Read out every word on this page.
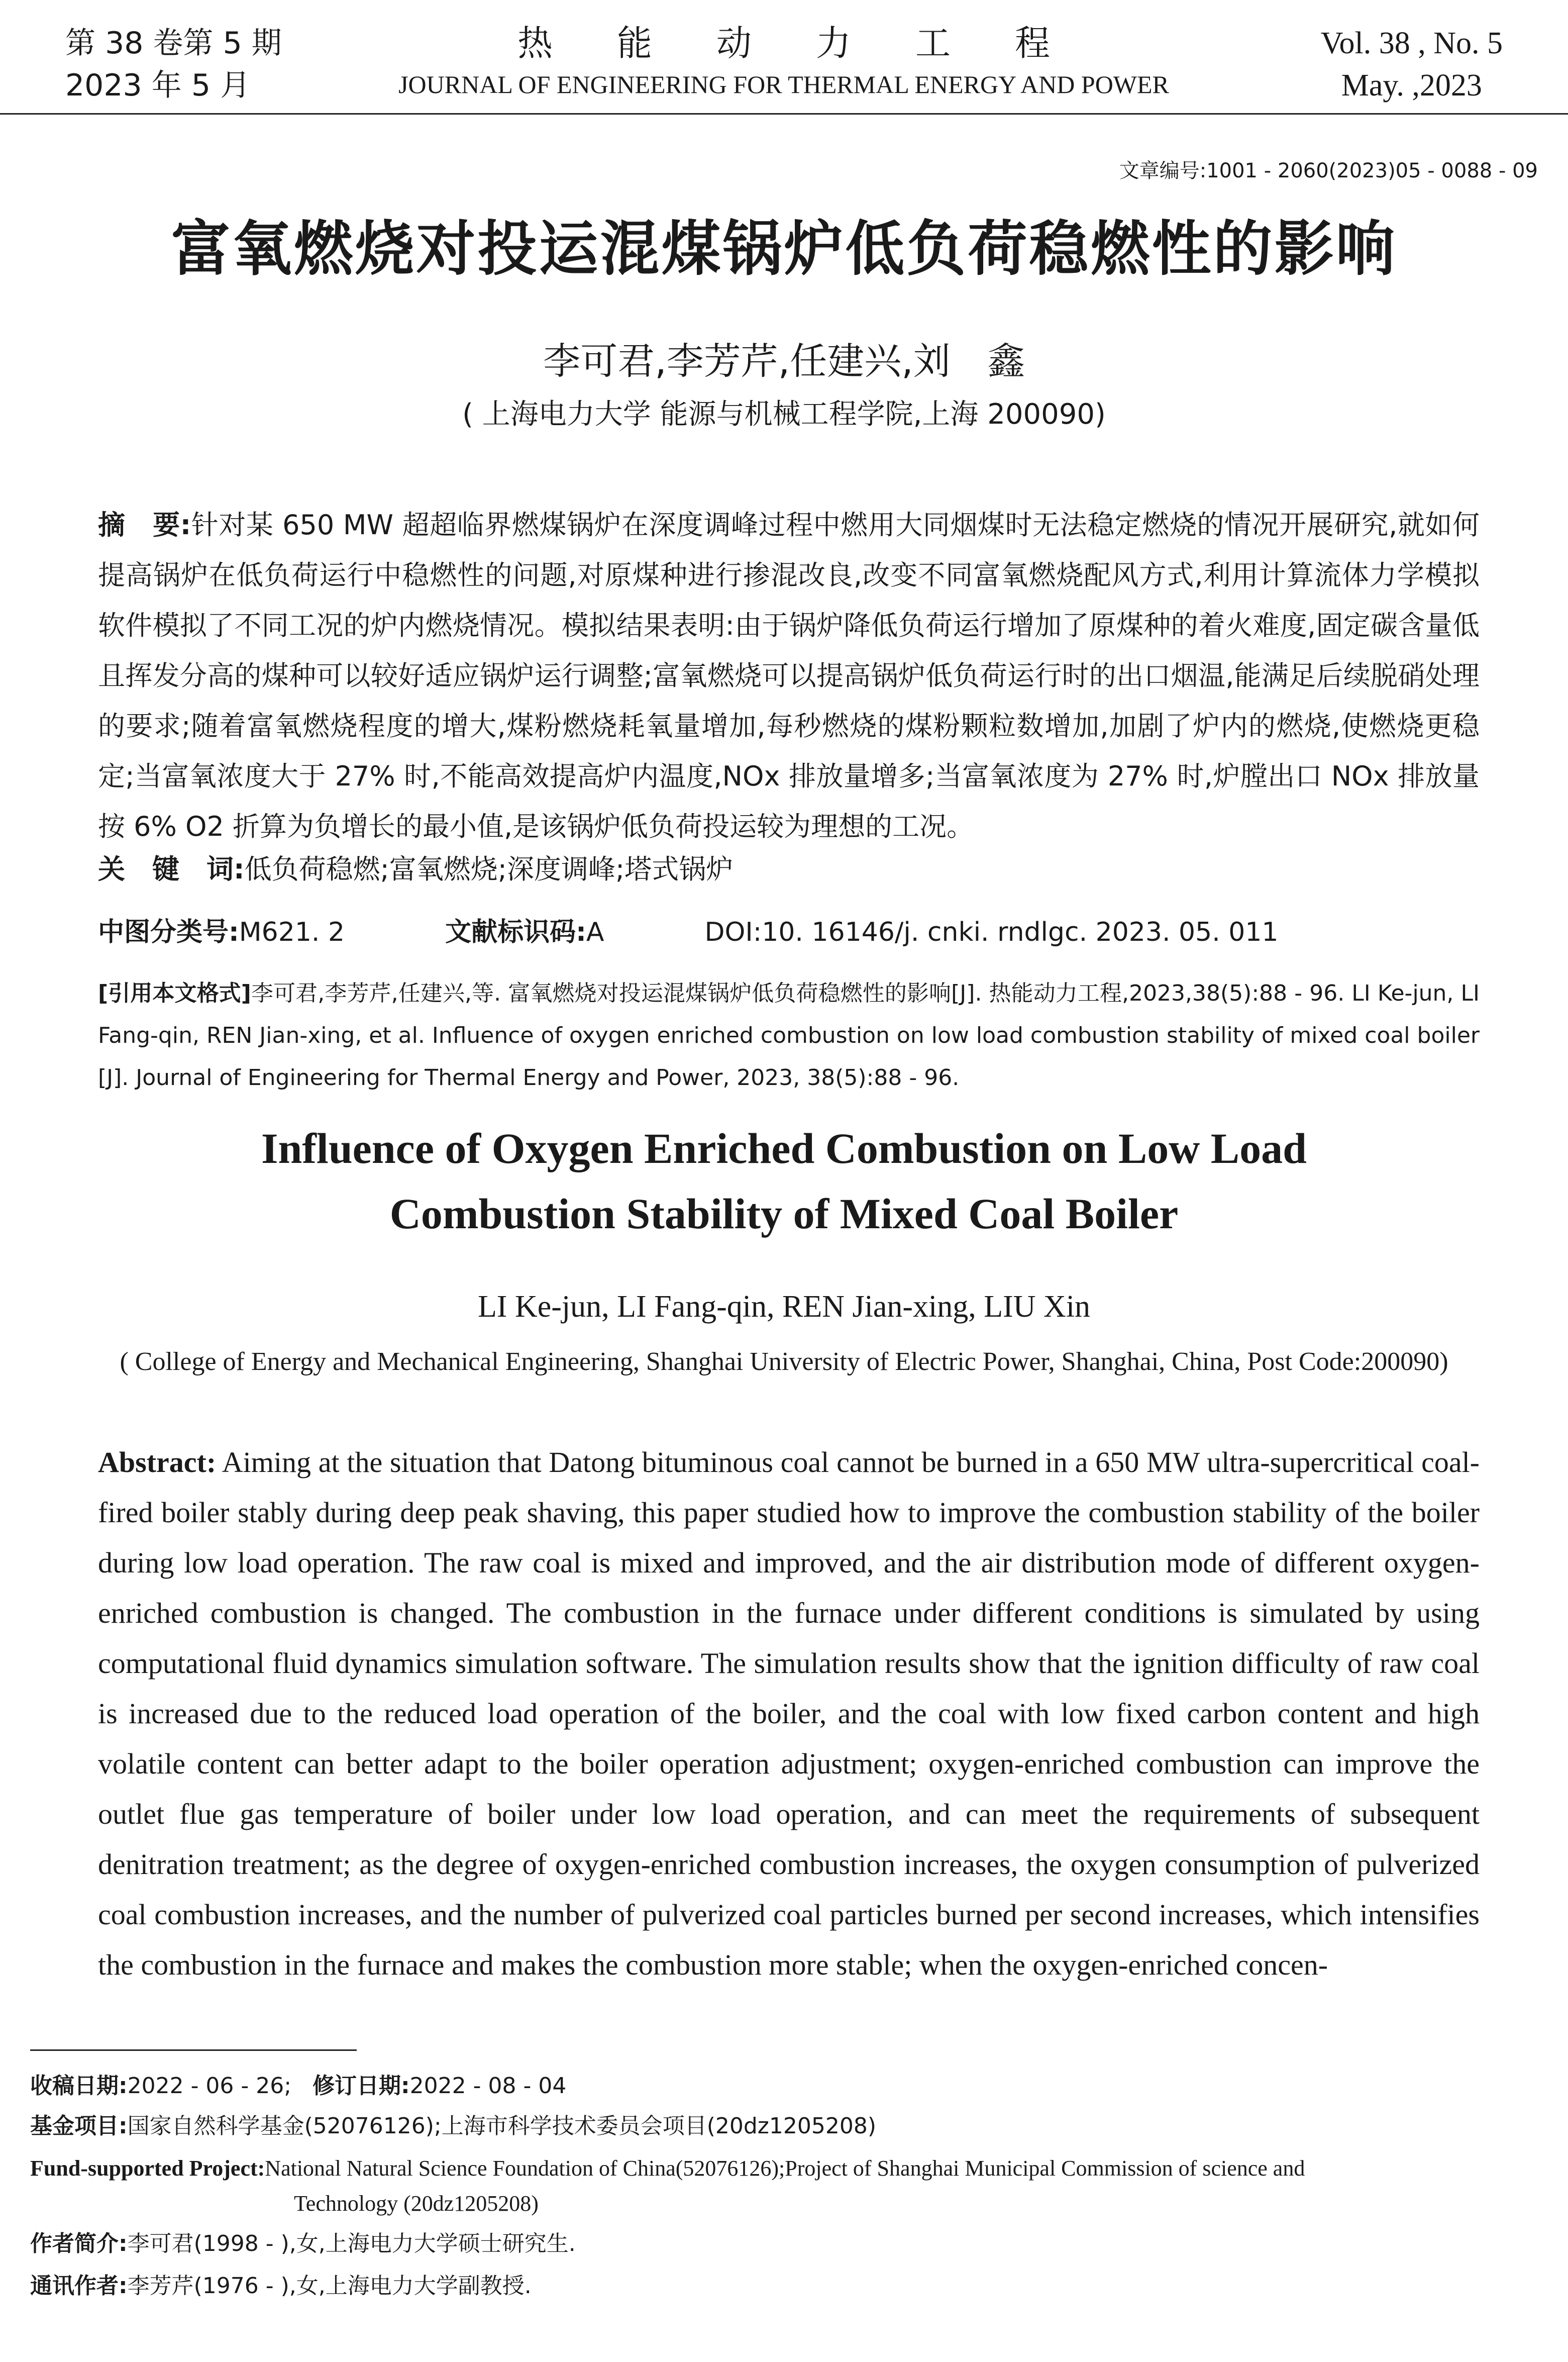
第 38 卷第 5 期
2023 年 5 月
热能动力工程
JOURNAL OF ENGINEERING FOR THERMAL ENERGY AND POWER
Vol. 38 , No. 5
May. ,2023
文章编号:1001 - 2060(2023)05 - 0088 - 09
富氧燃烧对投运混煤锅炉低负荷稳燃性的影响
李可君,李芳芹,任建兴,刘　鑫
( 上海电力大学 能源与机械工程学院,上海 200090)
摘　要:针对某 650 MW 超超临界燃煤锅炉在深度调峰过程中燃用大同烟煤时无法稳定燃烧的情况开展研究,就如何提高锅炉在低负荷运行中稳燃性的问题,对原煤种进行掺混改良,改变不同富氧燃烧配风方式,利用计算流体力学模拟软件模拟了不同工况的炉内燃烧情况。模拟结果表明:由于锅炉降低负荷运行增加了原煤种的着火难度,固定碳含量低且挥发分高的煤种可以较好适应锅炉运行调整;富氧燃烧可以提高锅炉低负荷运行时的出口烟温,能满足后续脱硝处理的要求;随着富氧燃烧程度的增大,煤粉燃烧耗氧量增加,每秒燃烧的煤粉颗粒数增加,加剧了炉内的燃烧,使燃烧更稳定;当富氧浓度大于 27% 时,不能高效提高炉内温度,NOx 排放量增多;当富氧浓度为 27% 时,炉膛出口 NOx 排放量按 6% O2 折算为负增长的最小值,是该锅炉低负荷投运较为理想的工况。
关　键　词:低负荷稳燃;富氧燃烧;深度调峰;塔式锅炉
中图分类号:M621. 2	文献标识码:A	DOI:10. 16146/j. cnki. rndlgc. 2023. 05. 011
[引用本文格式]李可君,李芳芹,任建兴,等. 富氧燃烧对投运混煤锅炉低负荷稳燃性的影响[J]. 热能动力工程,2023,38(5):88 - 96. LI Ke-jun, LI Fang-qin, REN Jian-xing, et al. Influence of oxygen enriched combustion on low load combustion stability of mixed coal boiler [J]. Journal of Engineering for Thermal Energy and Power, 2023, 38(5):88 - 96.
Influence of Oxygen Enriched Combustion on Low Load
Combustion Stability of Mixed Coal Boiler
LI Ke-jun, LI Fang-qin, REN Jian-xing, LIU Xin
( College of Energy and Mechanical Engineering, Shanghai University of Electric Power, Shanghai, China, Post Code:200090)
Abstract: Aiming at the situation that Datong bituminous coal cannot be burned in a 650 MW ultra-supercritical coal-fired boiler stably during deep peak shaving, this paper studied how to improve the combustion stability of the boiler during low load operation. The raw coal is mixed and improved, and the air distribution mode of different oxygen-enriched combustion is changed. The combustion in the furnace under different conditions is simulated by using computational fluid dynamics simulation software. The simulation results show that the ignition difficulty of raw coal is increased due to the reduced load operation of the boiler, and the coal with low fixed carbon content and high volatile content can better adapt to the boiler operation adjustment; oxygen-enriched combustion can improve the outlet flue gas temperature of boiler under low load operation, and can meet the requirements of subsequent denitration treatment; as the degree of oxygen-enriched combustion increases, the oxygen consumption of pulverized coal combustion increases, and the number of pulverized coal particles burned per second increases, which intensifies the combustion in the furnace and makes the combustion more stable; when the oxygen-enriched concen-
收稿日期:2022 - 06 - 26; 修订日期:2022 - 08 - 04
基金项目:国家自然科学基金(52076126);上海市科学技术委员会项目(20dz1205208)
Fund-supported Project:National Natural Science Foundation of China(52076126);Project of Shanghai Municipal Commission of science and
Technology (20dz1205208)
作者简介:李可君(1998 - ),女,上海电力大学硕士研究生.
通讯作者:李芳芹(1976 - ),女,上海电力大学副教授.
